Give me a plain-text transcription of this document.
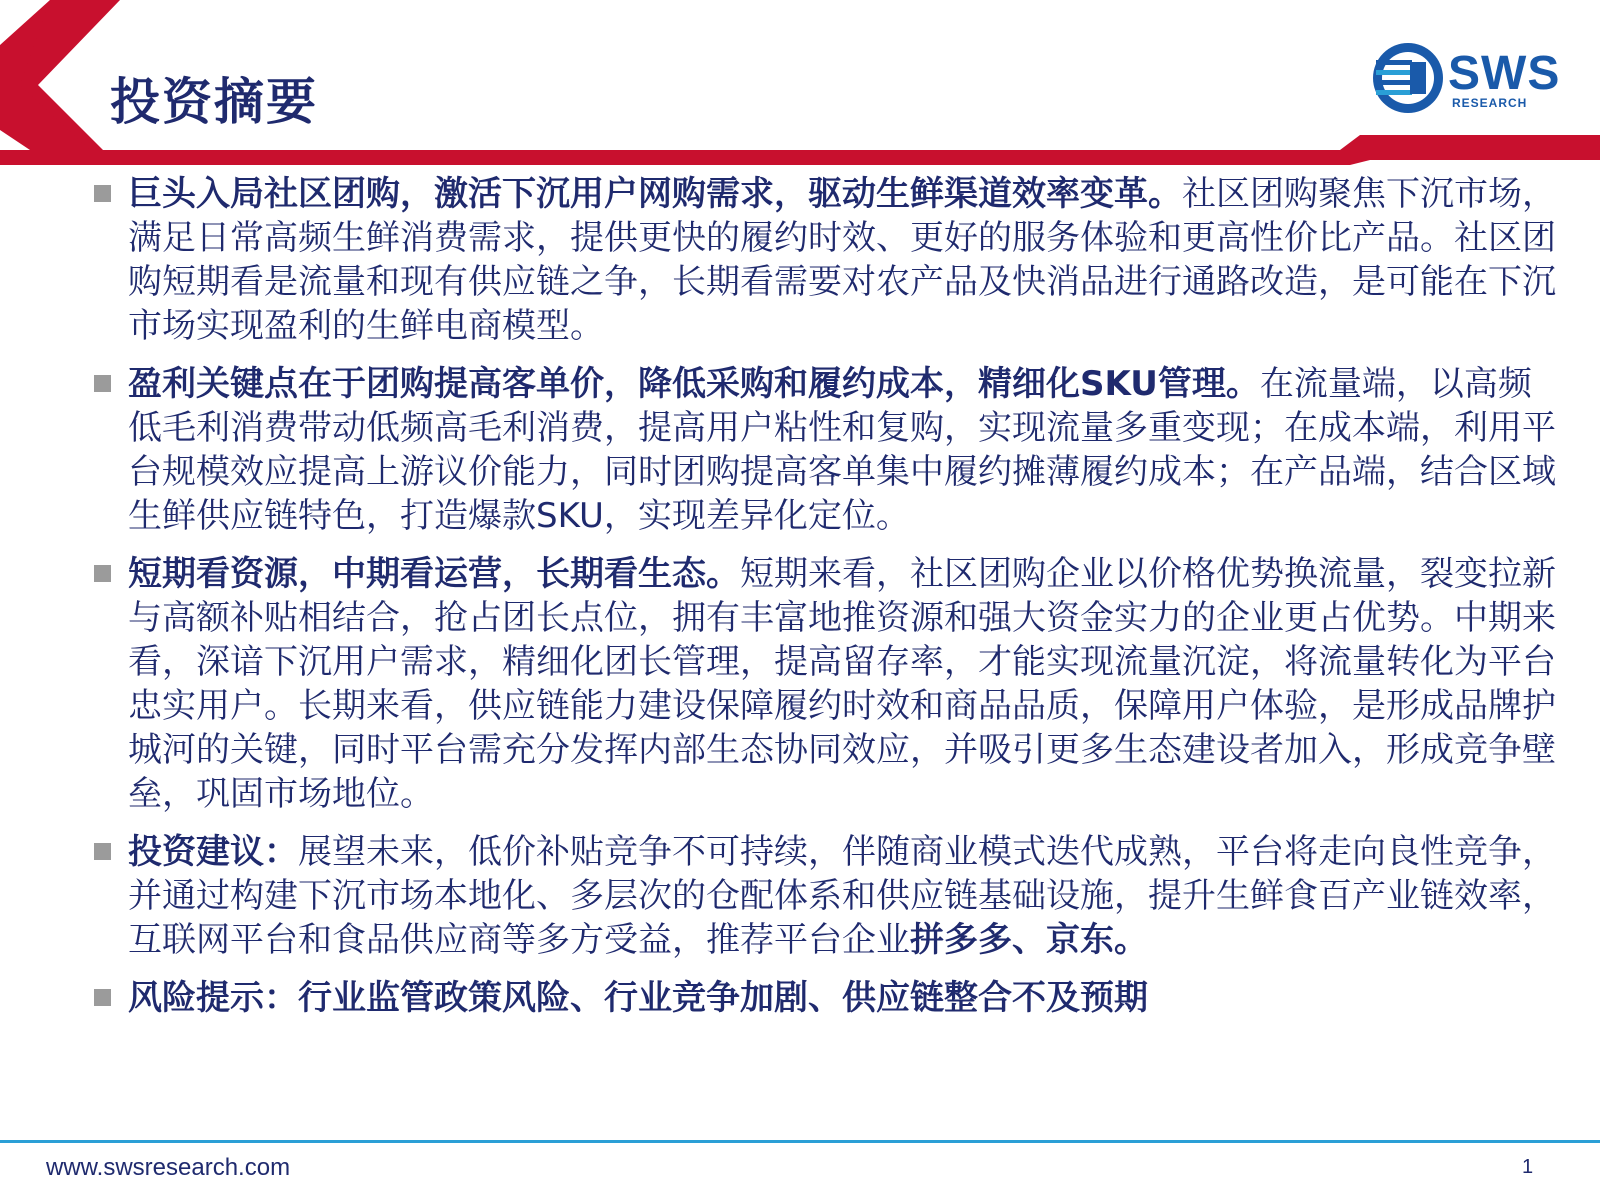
投资摘要	SWS
RESEARCH
巨头入局社区团购，激活下沉用户网购需求，驱动生鲜渠道效率变革。社区团购聚焦下沉市场，满足日常高频生鲜消费需求，提供更快的履约时效、更好的服务体验和更高性价比产品。社区团购短期看是流量和现有供应链之争，长期看需要对农产品及快消品进行通路改造，是可能在下沉市场实现盈利的生鲜电商模型。
盈利关键点在于团购提高客单价，降低采购和履约成本，精细化SKU管理。在流量端，以高频低毛利消费带动低频高毛利消费，提高用户粘性和复购，实现流量多重变现；在成本端，利用平台规模效应提高上游议价能力，同时团购提高客单集中履约摊薄履约成本；在产品端，结合区域生鲜供应链特色，打造爆款SKU，实现差异化定位。
短期看资源，中期看运营，长期看生态。短期来看，社区团购企业以价格优势换流量，裂变拉新与高额补贴相结合，抢占团长点位，拥有丰富地推资源和强大资金实力的企业更占优势。中期来看，深谙下沉用户需求，精细化团长管理，提高留存率，才能实现流量沉淀，将流量转化为平台忠实用户。长期来看，供应链能力建设保障履约时效和商品品质，保障用户体验，是形成品牌护城河的关键，同时平台需充分发挥内部生态协同效应，并吸引更多生态建设者加入，形成竞争壁垒，巩固市场地位。
投资建议：展望未来，低价补贴竞争不可持续，伴随商业模式迭代成熟，平台将走向良性竞争，并通过构建下沉市场本地化、多层次的仓配体系和供应链基础设施，提升生鲜食百产业链效率，互联网平台和食品供应商等多方受益，推荐平台企业拼多多、京东。
风险提示：行业监管政策风险、行业竞争加剧、供应链整合不及预期
www.swsresearch.com	1
